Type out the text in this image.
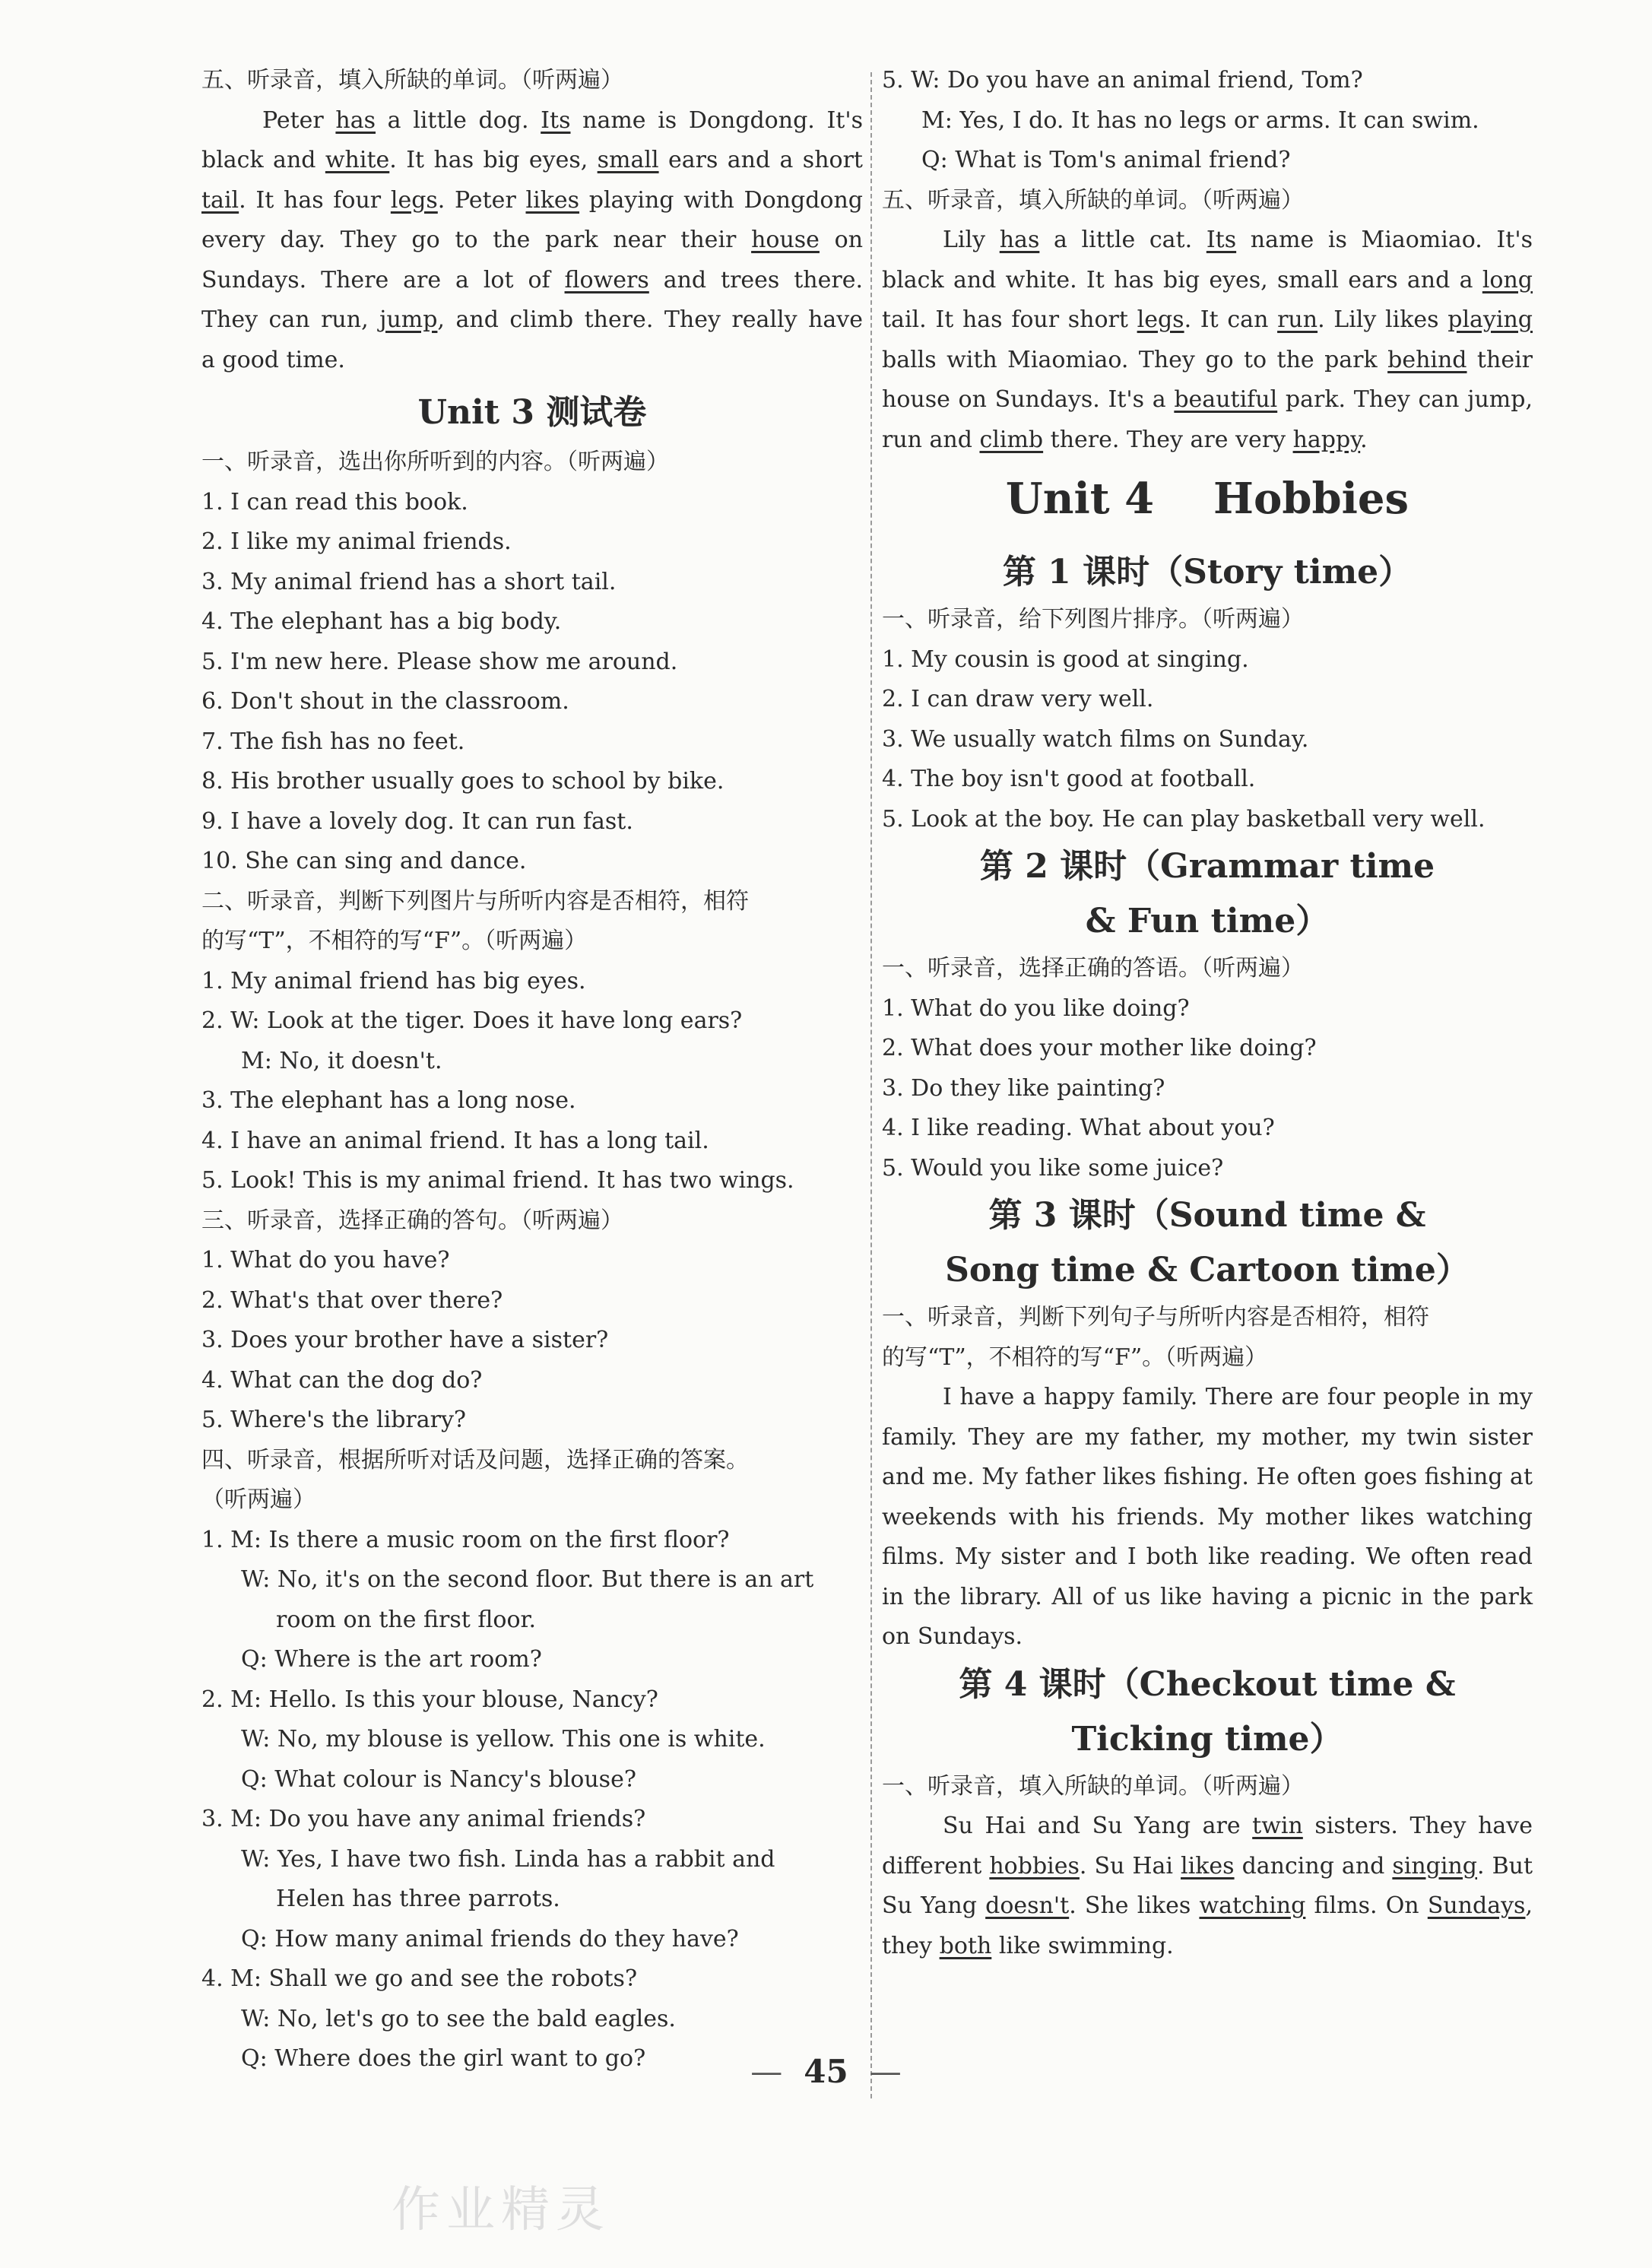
五、听录音，填入所缺的单词。（听两遍）

Peter has a little dog. Its name is Dongdong. It's

black and white. It has big eyes, small ears and a short

tail. It has four legs. Peter likes playing with Dongdong

every day. They go to the park near their house on

Sundays. There are a lot of flowers and trees there.

They can run, jump, and climb there. They really have

a good time.

Unit 3 测试卷

一、听录音，选出你所听到的内容。（听两遍）

1. I can read this book.

2. I like my animal friends.

3. My animal friend has a short tail.

4. The elephant has a big body.

5. I'm new here. Please show me around.

6. Don't shout in the classroom.

7. The fish has no feet.

8. His brother usually goes to school by bike.

9. I have a lovely dog. It can run fast.

10. She can sing and dance.

二、听录音，判断下列图片与所听内容是否相符，相符

的写“T”，不相符的写“F”。（听两遍）

1. My animal friend has big eyes.

2. W: Look at the tiger. Does it have long ears?

M: No, it doesn't.

3. The elephant has a long nose.

4. I have an animal friend. It has a long tail.

5. Look! This is my animal friend. It has two wings.

三、听录音，选择正确的答句。（听两遍）

1. What do you have?

2. What's that over there?

3. Does your brother have a sister?

4. What can the dog do?

5. Where's the library?

四、听录音，根据所听对话及问题，选择正确的答案。

（听两遍）

1. M: Is there a music room on the first floor?

W: No, it's on the second floor. But there is an art

room on the first floor.

Q: Where is the art room?

2. M: Hello. Is this your blouse, Nancy?

W: No, my blouse is yellow. This one is white.

Q: What colour is Nancy's blouse?

3. M: Do you have any animal friends?

W: Yes, I have two fish. Linda has a rabbit and

Helen has three parrots.

Q: How many animal friends do they have?

4. M: Shall we go and see the robots?

W: No, let's go to see the bald eagles.

Q: Where does the girl want to go?

5. W: Do you have an animal friend, Tom?

M: Yes, I do. It has no legs or arms. It can swim.

Q: What is Tom's animal friend?

五、听录音，填入所缺的单词。（听两遍）

Lily has a little cat. Its name is Miaomiao. It's

black and white. It has big eyes, small ears and a long

tail. It has four short legs. It can run. Lily likes playing

balls with Miaomiao. They go to the park behind their

house on Sundays. It's a beautiful park. They can jump,

run and climb there. They are very happy.

Unit 4    Hobbies
第 1 课时（Story time）

一、听录音，给下列图片排序。（听两遍）

1. My cousin is good at singing.

2. I can draw very well.

3. We usually watch films on Sunday.

4. The boy isn't good at football.

5. Look at the boy. He can play basketball very well.

第 2 课时（Grammar time
& Fun time）

一、听录音，选择正确的答语。（听两遍）

1. What do you like doing?

2. What does your mother like doing?

3. Do they like painting?

4. I like reading. What about you?

5. Would you like some juice?

第 3 课时（Sound time &
Song time & Cartoon time）

一、听录音，判断下列句子与所听内容是否相符，相符

的写“T”，不相符的写“F”。（听两遍）

I have a happy family. There are four people in my

family. They are my father, my mother, my twin sister

and me. My father likes fishing. He often goes fishing at

weekends with his friends. My mother likes watching

films. My sister and I both like reading. We often read

in the library. All of us like having a picnic in the park

on Sundays.

第 4 课时（Checkout time &
Ticking time）

一、听录音，填入所缺的单词。（听两遍）

Su Hai and Su Yang are twin sisters. They have

different hobbies. Su Hai likes dancing and singing. But

Su Yang doesn't. She likes watching films. On Sundays,

they both like swimming.

— 45 —
作业精灵
